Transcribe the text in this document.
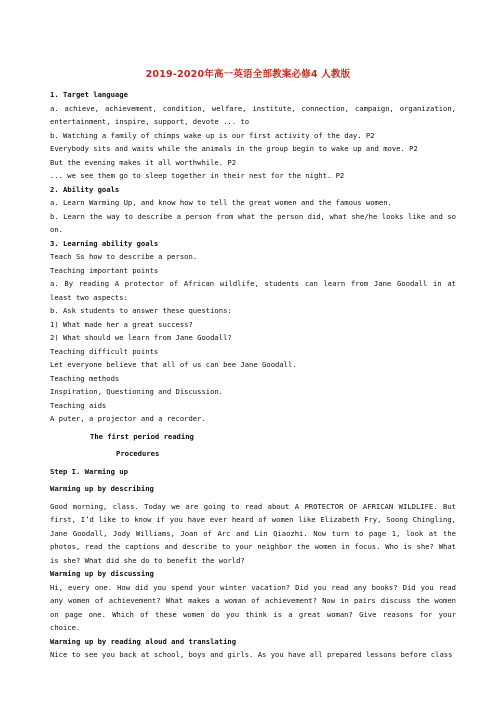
2019-2020年高一英语全部教案必修4 人教版
1. Target language
a. achieve, achievement, condition, welfare, institute, connection, campaign, organization, entertainment, inspire, support, devote ... to
b. Watching a family of chimps wake up is our first activity of the day. P2
Everybody sits and waits while the animals in the group begin to wake up and move. P2
But the evening makes it all worthwhile. P2
... we see them go to sleep together in their nest for the night. P2
2. Ability goals
a. Learn Warming Up, and know how to tell the great women and the famous women.
b. Learn the way to describe a person from what the person did, what she/he looks like and so on.
3. Learning ability goals
Teach Ss how to describe a person.
Teaching important points
a. By reading A protector of African wildlife, students can learn from Jane Goodall in at least two aspects:
b. Ask students to answer these questions:
1) What made her a great success?
2) What should we learn from Jane Goodall?
Teaching difficult points
Let everyone believe that all of us can bee Jane Goodall.
Teaching methods
Inspiration, Questioning and Discussion.
Teaching aids
A puter, a projector and a recorder.
The first period reading
Procedures
Step I. Warming up
Warming up by describing
Good morning, class. Today we are going to read about A PROTECTOR OF AFRICAN WILDLIFE. But first, I’d like to know if you have ever heard of women like Elizabeth Fry, Soong Chingling, Jane Goodall, Jody Williams, Joan of Arc and Lin Qiaozhi. Now turn to page 1, look at the photos, read the captions and describe to your neighbor the women in focus. Who is she? What is she? What did she do to benefit the world?
Warming up by discussing
Hi, every one. How did you spend your winter vacation? Did you read any books? Did you read any women of achievement? What makes a woman of achievement? Now in pairs discuss the women on page one. Which of these women do you think is a great woman? Give reasons for your choice.
Warming up by reading aloud and translating
Nice to see you back at school, boys and girls. As you have all prepared lessons before class
